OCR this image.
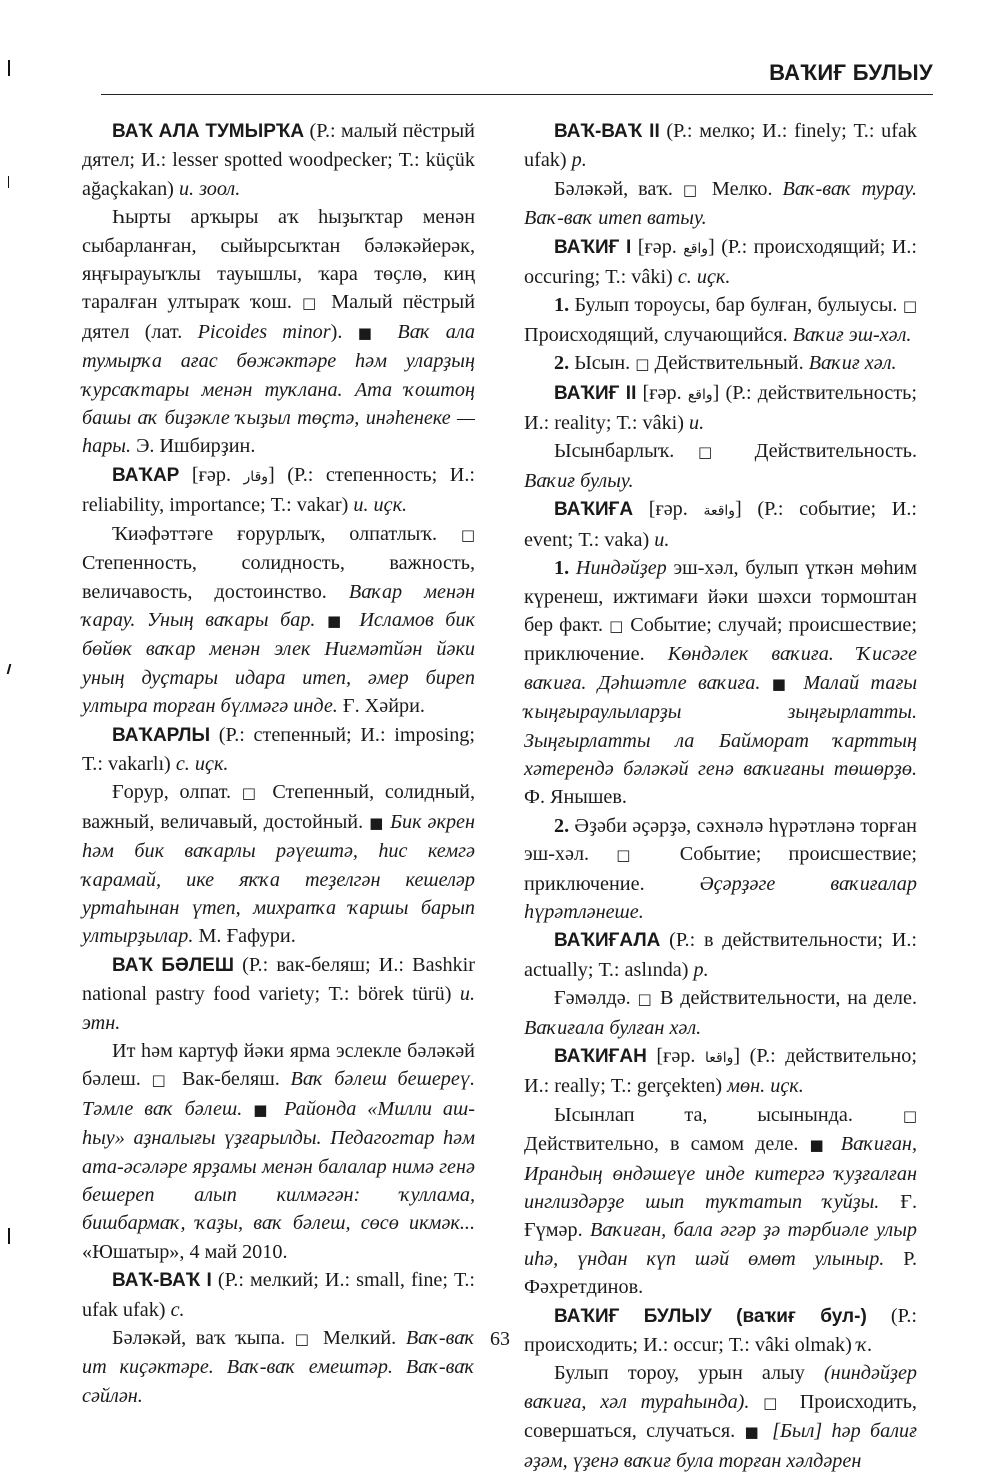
ВАҠИҒ БУЛЫУ

ВАҠ АЛА ТУМЫРҠА (Р.: малый пёстрый дятел; И.: lesser spotted woodpecker; Т.: küçük ağaçkakan) и. зоол.

Һырты арҡыры аҡ һыҙыҡтар менән сыбарланған, сыйырсыҡтан бәләкәйерәк, яңғырауыҡлы тауышлы, ҡара төҫлө, киң таралған ултыраҡ ҡош. □ Малый пёстрый дятел (лат. Picoides minor). ■ Ваҡ ала тумырҡа ағас бөжәктәре һәм уларҙың ҡурсаҡтары менән туҡлана. Ата ҡоштоң башы аҡ биҙәкле ҡыҙыл төҫтә, инәһенеке — һары. Э. Ишбирҙин.

ВАҠАР [ғәр. وقار] (Р.: степенность; И.: reliability, importance; Т.: vakar) и. иҫк.

Ҡиәфәттәге ғорурлыҡ, олпатлыҡ. □ Степенность, солидность, важность, величавость, достоинство. Ваҡар менән ҡарау. Уның ваҡары бар. ■ Исламов бик бөйөк ваҡар менән элек Ниғмәтйән йәки уның дуҫтары идара итеп, әмер биреп ултыра торған бүлмәгә инде. Ғ. Хәйри.

ВАҠАРЛЫ (Р.: степенный; И.: imposing; Т.: vakarlı) с. иҫк.

Ғорур, олпат. □ Степенный, солидный, важный, величавый, достойный. ■ Бик әкрен һәм бик ваҡарлы рәүештә, һис кемгә ҡарамай, ике яҡҡа теҙелгән кешеләр уртаһынан үтеп, михрапҡа ҡаршы барып ултырҙылар. М. Ғафури.

ВАҠ БӘЛЕШ (Р.: вак-беляш; И.: Bashkir national pastry food variety; Т.: börek türü) и. этн.

Ит һәм картуф йәки ярма эслекле бәләкәй бәлеш. □ Вак-беляш. Ваҡ бәлеш бешереү. Тәмле ваҡ бәлеш. ■ Районда «Милли аш-һыу» аҙналығы үҙғарылды. Педагогтар һәм ата-әсәләре ярҙамы менән балалар нимә генә бешереп алып килмәгән: ҡуллама, бишбармаҡ, ҡаҙы, ваҡ бәлеш, сөсө икмәк... «Юшатыр», 4 май 2010.

ВАҠ-ВАҠ I (Р.: мелкий; И.: small, fine; Т.: ufak ufak) с.

Бәләкәй, ваҡ ҡыпа. □ Мелкий. Ваҡ-ваҡ ит киҫәктәре. Ваҡ-ваҡ емештәр. Ваҡ-ваҡ сәйлән.

ВАҠ-ВАҠ II (Р.: мелко; И.: finely; Т.: ufak ufak) р.

Бәләкәй, ваҡ. □ Мелко. Ваҡ-ваҡ турау. Ваҡ-ваҡ итеп ватыу.

ВАҠИҒ I [ғәр. واقع] (Р.: происходящий; И.: occuring; Т.: vâki) с. иҫк.

1. Булып тороусы, бар булған, булыусы. □ Происходящий, случающийся. Ваҡиғ эш-хәл.

2. Ысын. □ Действительный. Ваҡиғ хәл.

ВАҠИҒ II [ғәр. واقع] (Р.: действительность; И.: reality; Т.: vâki) и.

Ысынбарлыҡ. □ Действительность. Ваҡиғ булыу.

ВАҠИҒА [ғәр. واقعة] (Р.: событие; И.: event; Т.: vaka) и.

1. Ниндәйҙер эш-хәл, булып үткән мөһим күренеш, ижтимағи йәки шәхси тормоштан бер факт. □ Событие; случай; происшествие; приключение. Көндәлек ваҡиға. Ҡисәге ваҡиға. Дәһшәтле ваҡиға. ■ Малай тағы ҡыңғыраулыларҙы зыңғырлатты. Зыңғырлатты ла Байморат ҡарттың хәтерендә бәләкәй генә ваҡиғаны төшөрҙө. Ф. Янышев.

2. Әҙәби әҫәрҙә, сәхнәлә һүрәтләнә торған эш-хәл. □ Событие; происшествие; приключение. Әҫәрҙәге ваҡиғалар һүрәтләнеше.

ВАҠИҒАЛА (Р.: в действительности; И.: actually; Т.: aslında) р.

Ғәмәлдә. □ В действительности, на деле. Ваҡиғала булған хәл.

ВАҠИҒАН [ғәр. واقعا] (Р.: действительно; И.: really; Т.: gerçekten) мөн. иҫк.

Ысынлап та, ысынында.	□ Действительно, в самом деле. ■ Ваҡиған, Ирандың өндәшеүе инде китергә ҡуҙғалған инглиздәрҙе шып туҡтатып ҡуйҙы. Ғ. Ғүмәр. Ваҡиған, бала әгәр ҙә тәрбиәле улыр иһә, үндан күп шәй өмөт улыныр. Р. Фәхретдинов.

ВАҠИҒ БУЛЫУ (ваҡиғ бул-) (Р.: происходить; И.: occur; Т.: vâki olmak) ҡ.

Булып тороу, урын алыу (ниндәйҙер ваҡиға, хәл тураһында). □ Происходить, совершаться, случаться. ■ [Был] һәр балиғ әҙәм, үҙенә ваҡиғ була торған хәлдәрен

63
